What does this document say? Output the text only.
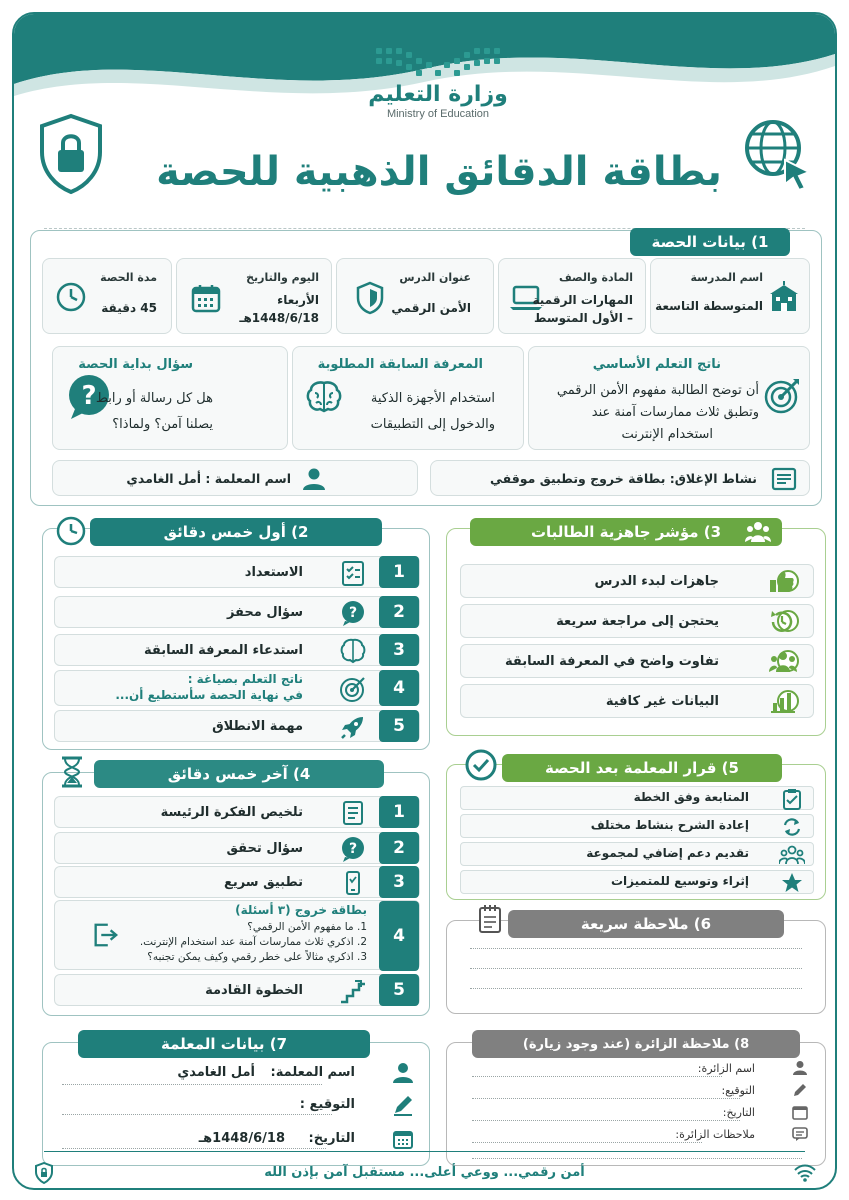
وزارة التعليم
Ministry of Education
بطاقة الدقائق الذهبية للحصة
1) بيانات الحصة
اسم المدرسة
المتوسطة التاسعة
المادة والصف
المهارات الرقمية
– الأول المتوسط
عنوان الدرس
الأمن الرقمي
اليوم والتاريخ
الأربعاء
1448/6/18هـ
مدة الحصة
45 دقيقة
ناتج التعلم الأساسي
أن توضح الطالبة مفهوم الأمن الرقمي
وتطبق ثلاث ممارسات آمنة عند
استخدام الإنترنت
المعرفة السابقة المطلوبة
استخدام الأجهزة الذكية
والدخول إلى التطبيقات
?
سؤال بداية الحصة
هل كل رسالة أو رابط
يصلنا آمن؟ ولماذا؟
نشاط الإغلاق: بطاقة خروج وتطبيق موقفي
اسم المعلمة : أمل الغامدي
2) أول خمس دقائق
1
الاستعداد
2
?
سؤال محفز
3
استدعاء المعرفة السابقة
4
ناتج التعلم بصياغة :
في نهاية الحصة سأستطيع أن...
5
مهمة الانطلاق
3) مؤشر جاهزية الطالبات
جاهزات لبدء الدرس
يحتجن إلى مراجعة سريعة
تفاوت واضح في المعرفة السابقة
البيانات غير كافية
4) آخر خمس دقائق
1
تلخيص الفكرة الرئيسة
2
?
سؤال تحقق
3
تطبيق سريع
4
بطاقة خروج (٣ أسئلة)
1. ما مفهوم الأمن الرقمي؟
2. اذكري ثلاث ممارسات آمنة عند استخدام الإنترنت.
3. اذكري مثالاً على خطر رقمي وكيف يمكن تجنبه؟
5
الخطوة القادمة
5) قرار المعلمة بعد الحصة
المتابعة وفق الخطة
إعادة الشرح بنشاط مختلف
تقديم دعم إضافي لمجموعة
إثراء وتوسيع للمتميزات
6) ملاحظة سريعة
7) بيانات المعلمة
اسم المعلمة:
أمل الغامدي
التوقيع :
التاريخ:
1448/6/18هـ
8) ملاحظة الزائرة (عند وجود زيارة)
اسم الزائرة:
التوقيع:
التاريخ:
ملاحظات الزائرة:
أمن رقمي... ووعي أعلى... مستقبل آمن بإذن الله
